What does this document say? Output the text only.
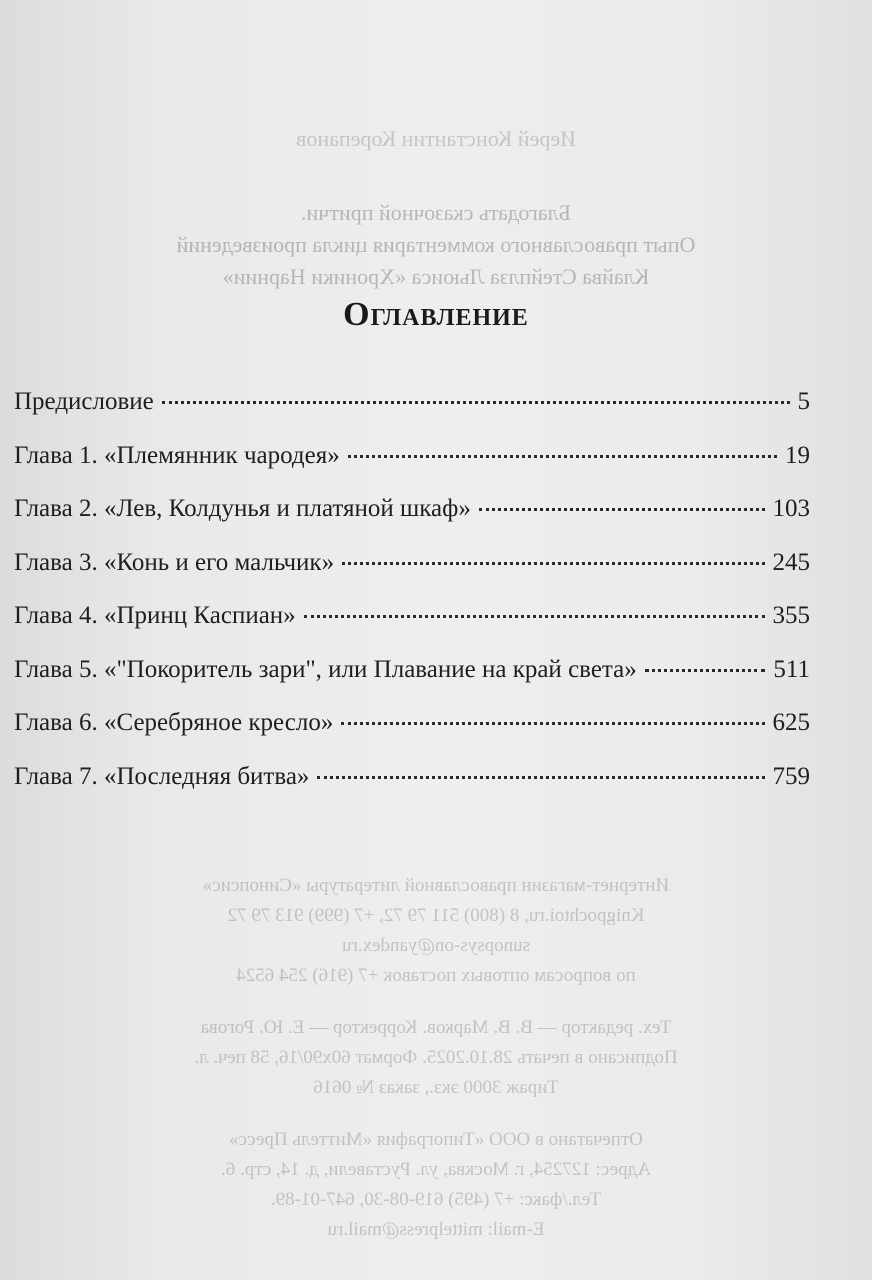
Иерей Константин Корепанов

Благодать сказочной притчи.

Опыт православного комментария цикла произведений

Клайва Стейплза Льюиса «Хроники Нарнии»

Интернет-магазин православной литературы «Синопсис»

Knigpochtoi.ru, 8 (800) 511 79 72, +7 (999) 913 79 72

sunopsys-on@yandex.ru

по вопросам оптовых поставок +7 (916) 254 6524

Тех. редактор — В. В. Марков. Корректор — Е. Ю. Рогова

Подписано в печать 28.10.2025. Формат 60х90/16, 58 печ. л.

Тираж 3000 экз., заказ № 0616

Отпечатано в ООО «Типография «Миттель Пресс»

Адрес: 127254, г. Москва, ул. Руставели, д. 14, стр. 6.

Тел./факс: +7 (495) 619-08-30, 647-01-89.

E-mail: mittelpress@mail.ru

Оглавление
Предисловие	5
Глава 1. «Племянник чародея»	19
Глава 2. «Лев, Колдунья и платяной шкаф»	103
Глава 3. «Конь и его мальчик»	245
Глава 4. «Принц Каспиан»	355
Глава 5. «"Покоритель зари", или Плавание на край света»	511
Глава 6. «Серебряное кресло»	625
Глава 7. «Последняя битва»	759
